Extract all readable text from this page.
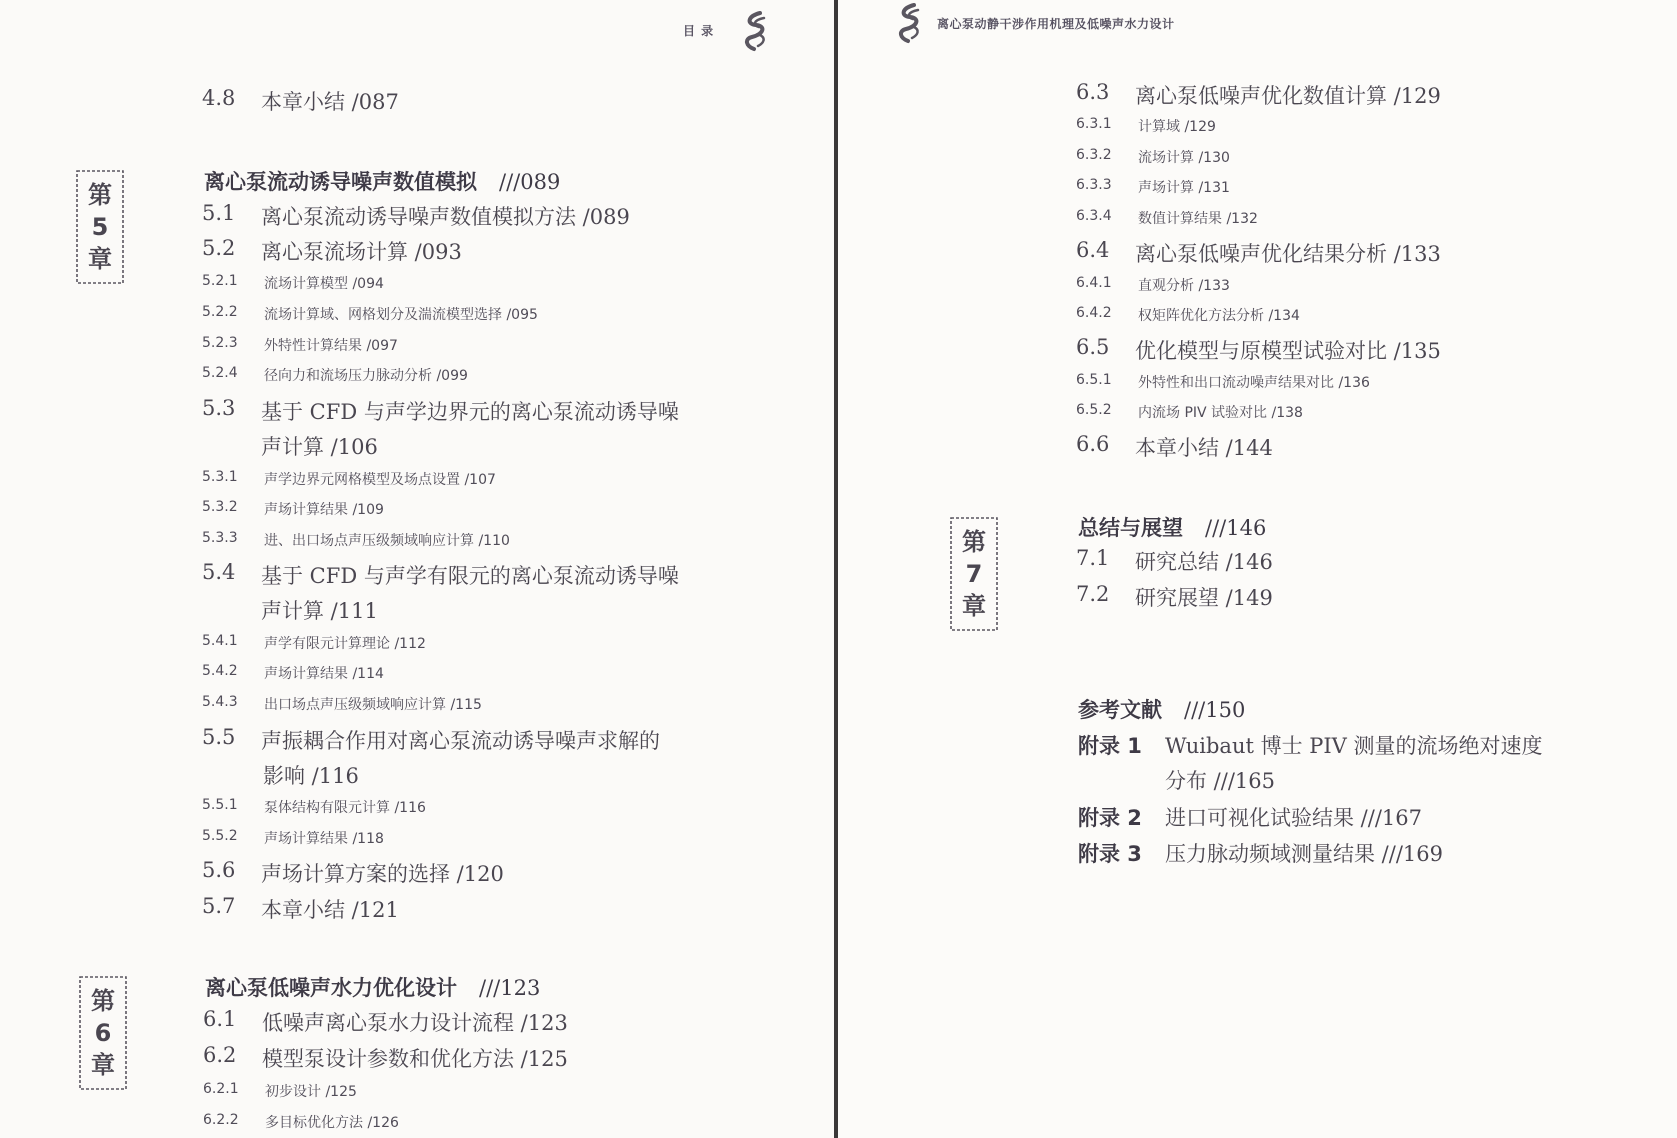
目 录
4.8 本章小结 /087
离心泵流动诱导噪声数值模拟 ///089
第
5
章
5.1 离心泵流动诱导噪声数值模拟方法 /089
5.2 离心泵流场计算 /093
5.2.1 流场计算模型 /094
5.2.2 流场计算域、网格划分及湍流模型选择 /095
5.2.3 外特性计算结果 /097
5.2.4 径向力和流场压力脉动分析 /099
5.3 基于 CFD 与声学边界元的离心泵流动诱导噪
声计算 /106
5.3.1 声学边界元网格模型及场点设置 /107
5.3.2 声场计算结果 /109
5.3.3 进、出口场点声压级频域响应计算 /110
5.4 基于 CFD 与声学有限元的离心泵流动诱导噪
声计算 /111
5.4.1 声学有限元计算理论 /112
5.4.2 声场计算结果 /114
5.4.3 出口场点声压级频域响应计算 /115
5.5 声振耦合作用对离心泵流动诱导噪声求解的
影响 /116
5.5.1 泵体结构有限元计算 /116
5.5.2 声场计算结果 /118
5.6 声场计算方案的选择 /120
5.7 本章小结 /121
离心泵低噪声水力优化设计 ///123
第
6
章
6.1 低噪声离心泵水力设计流程 /123
6.2 模型泵设计参数和优化方法 /125
6.2.1 初步设计 /125
6.2.2 多目标优化方法 /126
离心泵动静干涉作用机理及低噪声水力设计
6.3 离心泵低噪声优化数值计算 /129
6.3.1 计算域 /129
6.3.2 流场计算 /130
6.3.3 声场计算 /131
6.3.4 数值计算结果 /132
6.4 离心泵低噪声优化结果分析 /133
6.4.1 直观分析 /133
6.4.2 权矩阵优化方法分析 /134
6.5 优化模型与原模型试验对比 /135
6.5.1 外特性和出口流动噪声结果对比 /136
6.5.2 内流场 PIV 试验对比 /138
6.6 本章小结 /144
总结与展望 ///146
第
7
章
7.1 研究总结 /146
7.2 研究展望 /149
参考文献 ///150
附录 1 Wuibaut 博士 PIV 测量的流场绝对速度
分布 ///165
附录 2 进口可视化试验结果 ///167
附录 3 压力脉动频域测量结果 ///169
